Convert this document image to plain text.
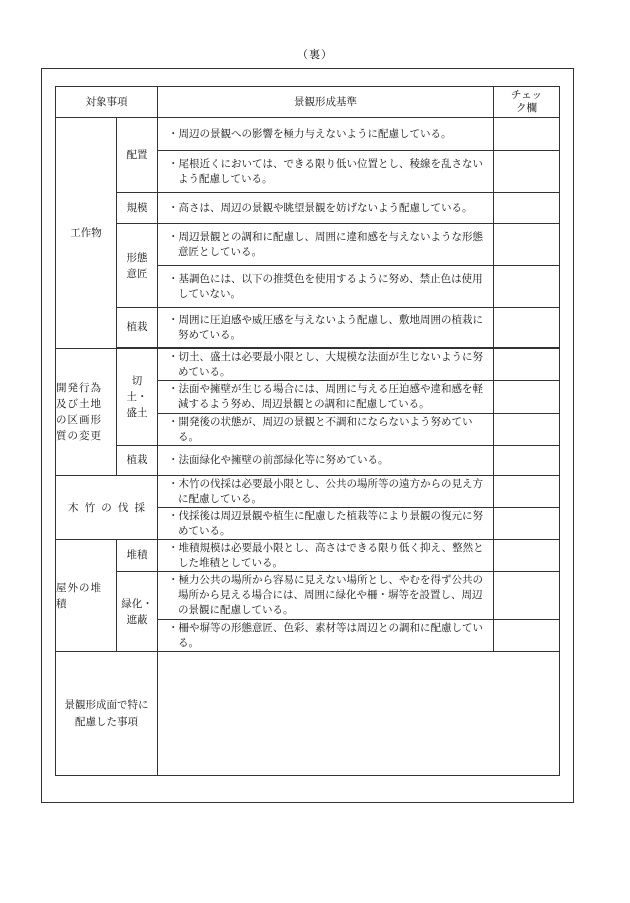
（裏）
対象事項		景観形成基準	チェック欄
工作物	配置	・周辺の景観への影響を極力与えないように配慮している。	
		・尾根近くにおいては、できる限り低い位置とし、稜線を乱さないよう配慮している。	
	規模	・高さは、周辺の景観や眺望景観を妨げないよう配慮している。	
	形態意匠	・周辺景観との調和に配慮し、周囲に違和感を与えないような形態意匠としている。	
		・基調色には、以下の推奨色を使用するように努め、禁止色は使用していない。	
	植栽	・周囲に圧迫感や威圧感を与えないよう配慮し、敷地周囲の植栽に努めている。	

開発行為及び土地の区画形質の変更	切土・盛土	・切土、盛土は必要最小限とし、大規模な法面が生じないように努めている。	
		・法面や擁壁が生じる場合には、周囲に与える圧迫感や違和感を軽減するよう努め、周辺景観との調和に配慮している。	
		・開発後の状態が、周辺の景観と不調和にならないよう努めている。	
	植栽	・法面緑化や擁壁の前部緑化等に努めている。	
木竹の伐採		・木竹の伐採は必要最小限とし、公共の場所等の遠方からの見え方に配慮している。	
		・伐採後は周辺景観や植生に配慮した植栽等により景観の復元に努めている。	
屋外の堆積	堆積	・堆積規模は必要最小限とし、高さはできる限り低く抑え、整然とした堆積としている。	
	緑化・遮蔽	・極力公共の場所から容易に見えない場所とし、やむを得ず公共の場所から見える場合には、周囲に緑化や柵・塀等を設置し、周辺の景観に配慮している。	
		・柵や塀等の形態意匠、色彩、素材等は周辺との調和に配慮している。	
景観形成面で特に配慮した事項			
